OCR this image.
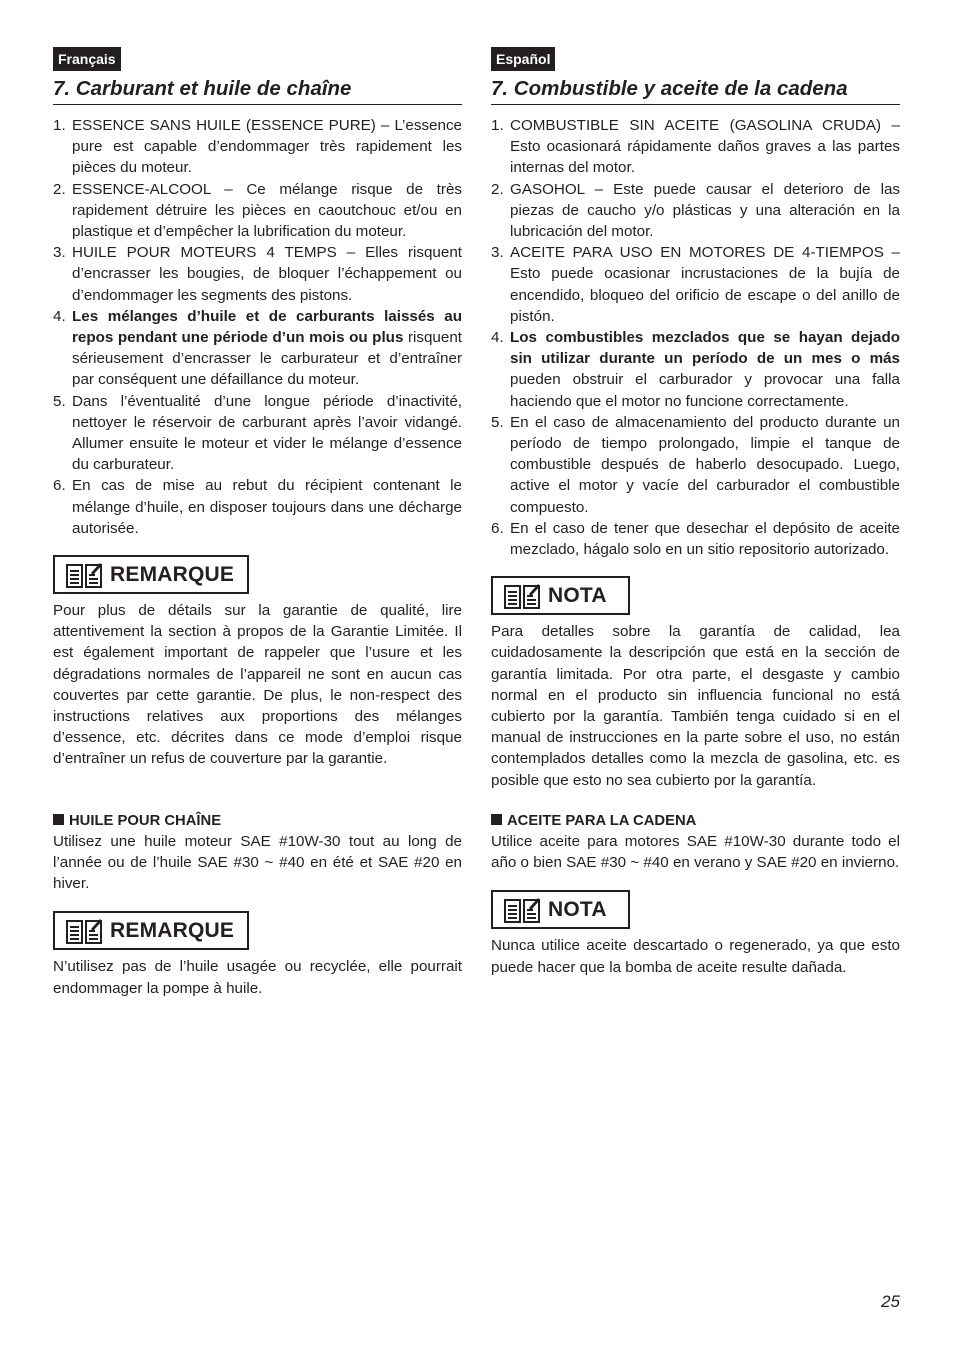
Français
7. Carburant et huile de chaîne
1. ESSENCE SANS HUILE (ESSENCE PURE) – L’essence pure est capable d’endommager très rapidement les pièces du moteur.
2. ESSENCE-ALCOOL – Ce mélange risque de très rapidement détruire les pièces en caoutchouc et/ou en plastique et d’empêcher la lubrification du moteur.
3. HUILE POUR MOTEURS 4 TEMPS – Elles risquent d’encrasser les bougies, de bloquer l’échappement ou d’endommager les segments des pistons.
4. Les mélanges d’huile et de carburants laissés au repos pendant une période d’un mois ou plus risquent sérieusement d’encrasser le carburateur et d’entraîner par conséquent une défaillance du moteur.
5. Dans l’éventualité d’une longue période d’inactivité, nettoyer le réservoir de carburant après l’avoir vidangé. Allumer ensuite le moteur et vider le mélange d’essence du carburateur.
6. En cas de mise au rebut du récipient contenant le mélange d’huile, en disposer toujours dans une décharge autorisée.
REMARQUE

Pour plus de détails sur la garantie de qualité, lire attentivement la section à propos de la Garantie Limitée. Il est également important de rappeler que l’usure et les dégradations normales de l’appareil ne sont en aucun cas couvertes par cette garantie. De plus, le non-respect des instructions relatives aux proportions des mélanges d’essence, etc. décrites dans ce mode d’emploi risque d’entraîner un refus de couverture par la garantie.

HUILE POUR CHAÎNE

Utilisez une huile moteur SAE #10W-30 tout au long de l’année ou de l’huile SAE #30 ~ #40 en été et SAE #20 en hiver.

REMARQUE

N’utilisez pas de l’huile usagée ou recyclée, elle pourrait endommager la pompe à huile.

Español
7. Combustible y aceite de la cadena
1. COMBUSTIBLE SIN ACEITE (GASOLINA CRUDA) – Esto ocasionará rápidamente daños graves a las partes internas del motor.
2. GASOHOL – Este puede causar el deterioro de las piezas de caucho y/o plásticas y una alteración en la lubricación del motor.
3. ACEITE PARA USO EN MOTORES DE 4-TIEMPOS – Esto puede ocasionar incrustaciones de la bujía de encendido, bloqueo del orificio de escape o del anillo de pistón.
4. Los combustibles mezclados que se hayan dejado sin utilizar durante un período de un mes o más pueden obstruir el carburador y provocar una falla haciendo que el motor no funcione correctamente.
5. En el caso de almacenamiento del producto durante un período de tiempo prolongado, limpie el tanque de combustible después de haberlo desocupado. Luego, active el motor y vacíe del carburador el combustible compuesto.
6. En el caso de tener que desechar el depósito de aceite mezclado, hágalo solo en un sitio repositorio autorizado.
NOTA

Para detalles sobre la garantía de calidad, lea cuidadosamente la descripción que está en la sección de garantía limitada. Por otra parte, el desgaste y cambio normal en el producto sin influencia funcional no está cubierto por la garantía. También tenga cuidado si en el manual de instrucciones en la parte sobre el uso, no están contemplados detalles como la mezcla de gasolina, etc. es posible que esto no sea cubierto por la garantía.

ACEITE PARA LA CADENA

Utilice aceite para motores SAE #10W-30 durante todo el año o bien SAE #30 ~ #40 en verano y SAE #20 en invierno.

NOTA

Nunca utilice aceite descartado o regenerado, ya que esto puede hacer que la bomba de aceite resulte dañada.

25
